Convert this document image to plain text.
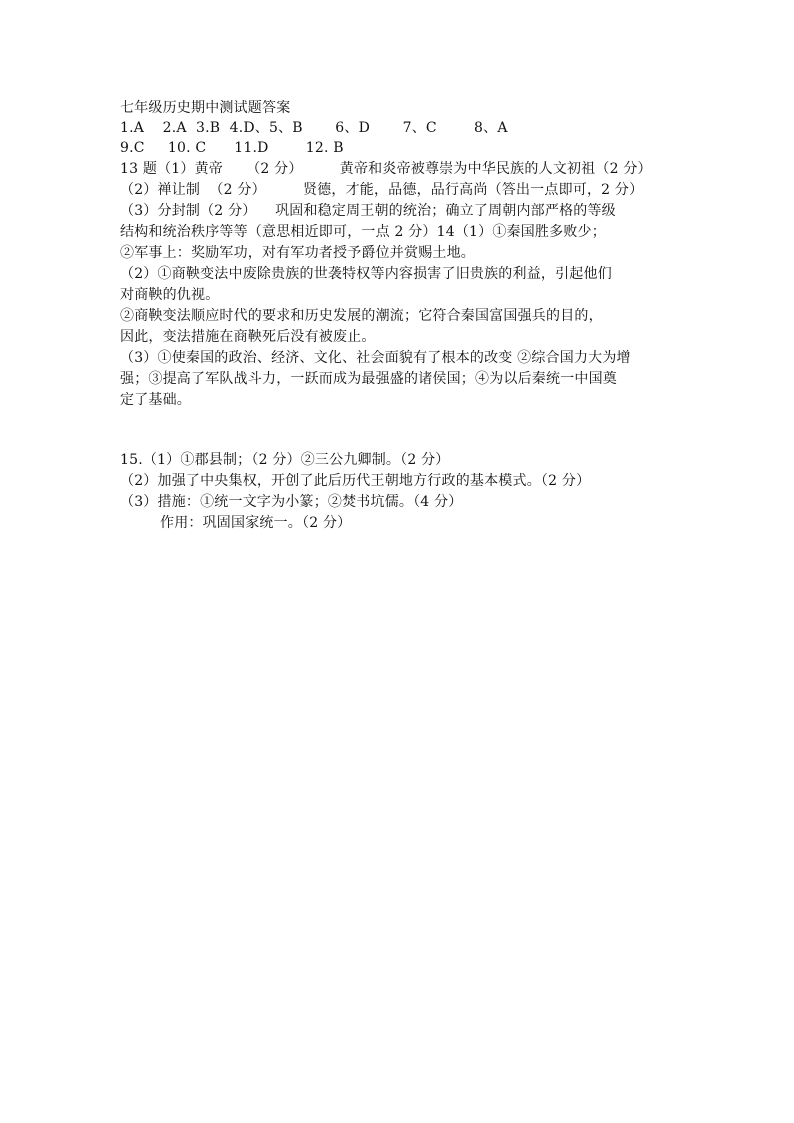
七年级历史期中测试题答案
1.A    2.A  3.B  4.D、5、B       6、D       7、C        8、A
9.C     10. C      11.D        12. B
13 题（1）黄帝     （2 分）        黄帝和炎帝被尊崇为中华民族的人文初祖（2 分）
（2）禅让制  （2 分）        贤德，才能，品德，品行高尚（答出一点即可，2 分）
（3）分封制（2 分）    巩固和稳定周王朝的统治；确立了周朝内部严格的等级
结构和统治秩序等等（意思相近即可，一点 2 分）14（1）①秦国胜多败少；
②军事上：奖励军功，对有军功者授予爵位并赏赐土地。
（2）①商鞅变法中废除贵族的世袭特权等内容损害了旧贵族的利益，引起他们
对商鞅的仇视。
②商鞅变法顺应时代的要求和历史发展的潮流；它符合秦国富国强兵的目的，
因此，变法措施在商鞅死后没有被废止。
（3）①使秦国的政治、经济、文化、社会面貌有了根本的改变 ②综合国力大为增
强；③提高了军队战斗力，一跃而成为最强盛的诸侯国；④为以后秦统一中国奠
定了基础。
15.（1）①郡县制；（2 分）②三公九卿制。（2 分）
（2）加强了中央集权，开创了此后历代王朝地方行政的基本模式。（2 分）
（3）措施：①统一文字为小篆；②焚书坑儒。（4 分）
作用：巩固国家统一。（2 分）
